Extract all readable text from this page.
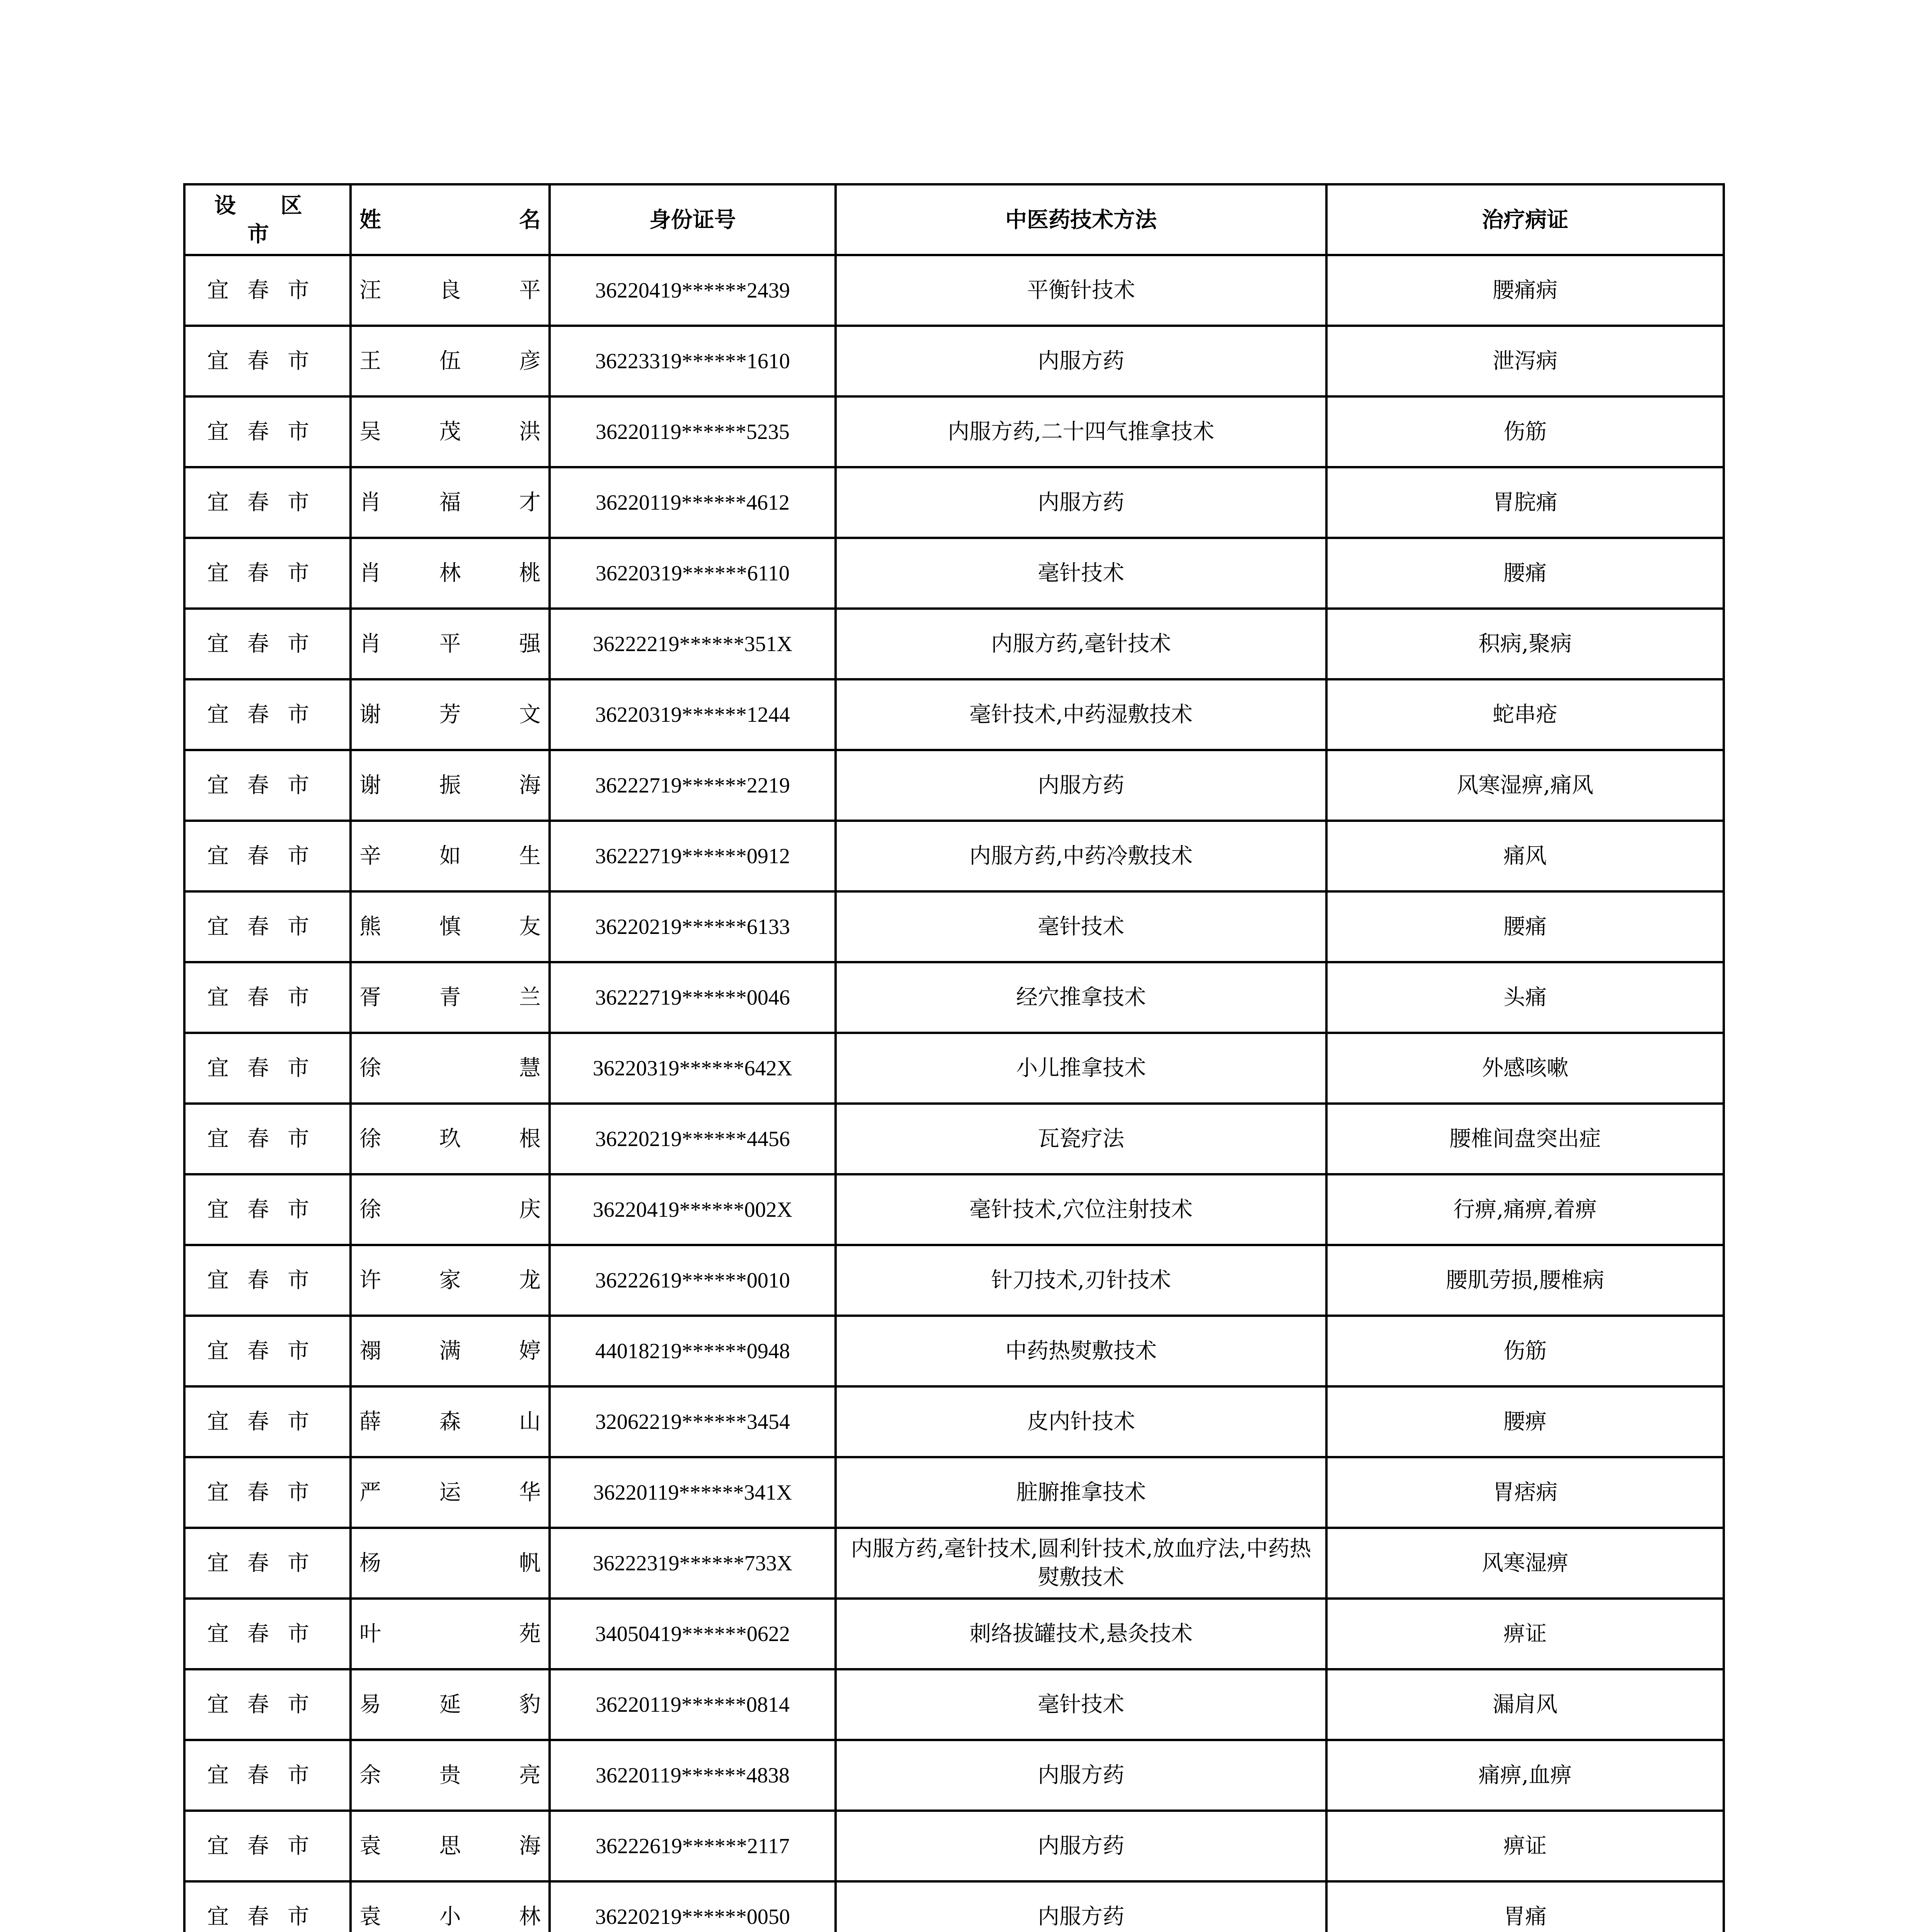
设 区 市	姓 名	身份证号	中医药技术方法	治疗病证
宜春市	汪良平	36220419******2439	平衡针技术	腰痛病
宜春市	王伍彦	36223319******1610	内服方药	泄泻病
宜春市	吴茂洪	36220119******5235	内服方药,二十四气推拿技术	伤筋
宜春市	肖福才	36220119******4612	内服方药	胃脘痛
宜春市	肖林桃	36220319******6110	毫针技术	腰痛
宜春市	肖平强	36222219******351X	内服方药,毫针技术	积病,聚病
宜春市	谢芳文	36220319******1244	毫针技术,中药湿敷技术	蛇串疮
宜春市	谢振海	36222719******2219	内服方药	风寒湿痹,痛风
宜春市	辛如生	36222719******0912	内服方药,中药冷敷技术	痛风
宜春市	熊慎友	36220219******6133	毫针技术	腰痛
宜春市	胥青兰	36222719******0046	经穴推拿技术	头痛
宜春市	徐慧	36220319******642X	小儿推拿技术	外感咳嗽
宜春市	徐玖根	36220219******4456	瓦瓷疗法	腰椎间盘突出症
宜春市	徐庆	36220419******002X	毫针技术,穴位注射技术	行痹,痛痹,着痹
宜春市	许家龙	36222619******0010	针刀技术,刃针技术	腰肌劳损,腰椎病
宜春市	禤满婷	44018219******0948	中药热熨敷技术	伤筋
宜春市	薛森山	32062219******3454	皮内针技术	腰痹
宜春市	严运华	36220119******341X	脏腑推拿技术	胃痞病
宜春市	杨帆	36222319******733X	内服方药,毫针技术,圆利针技术,放血疗法,中药热熨敷技术	风寒湿痹
宜春市	叶苑	34050419******0622	刺络拔罐技术,悬灸技术	痹证
宜春市	易延豹	36220119******0814	毫针技术	漏肩风
宜春市	余贵亮	36220119******4838	内服方药	痛痹,血痹
宜春市	袁思海	36222619******2117	内服方药	痹证
宜春市	袁小林	36220219******0050	内服方药	胃痛
